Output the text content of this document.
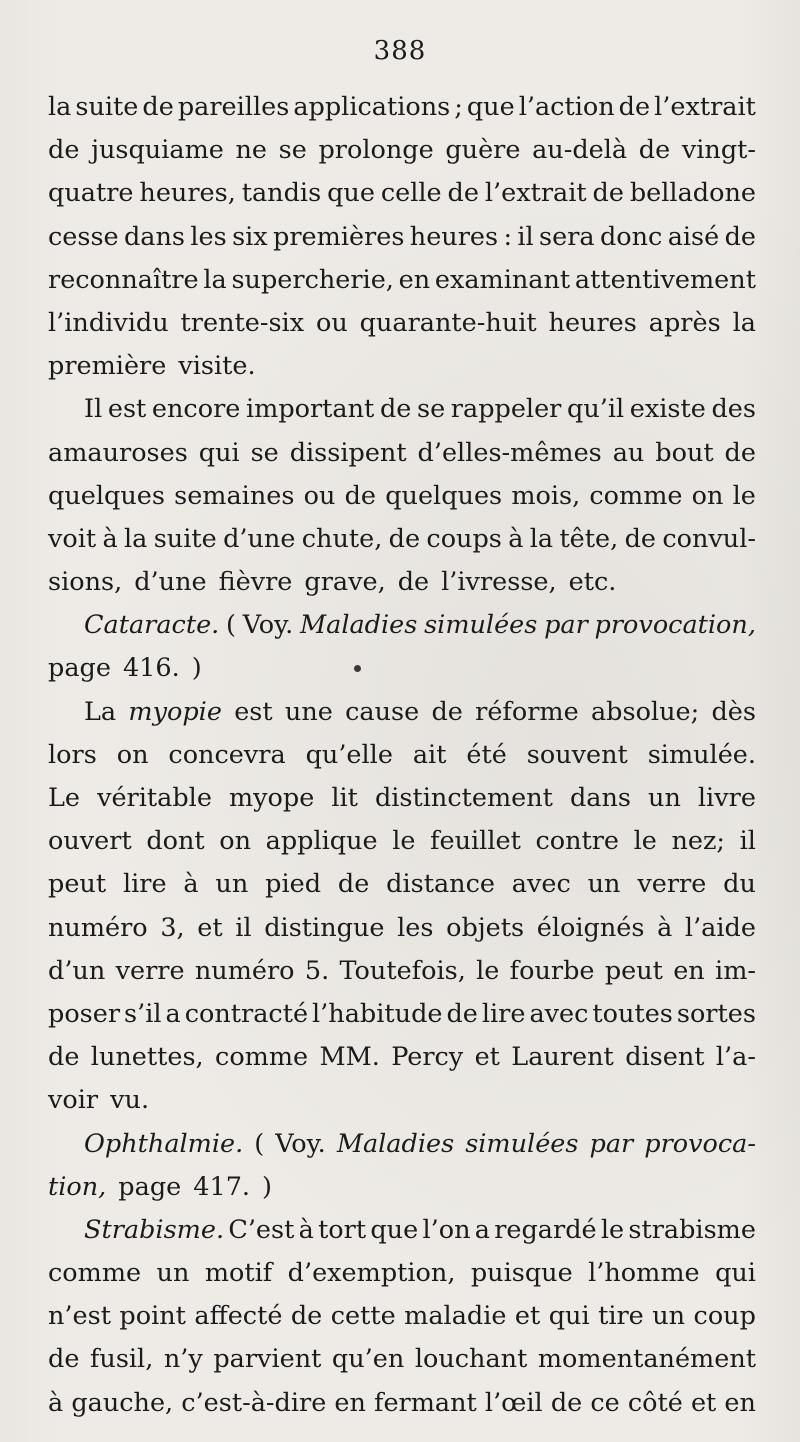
388
la suite de pareilles applications ; que l’action de l’extrait
de jusquiame ne se prolonge guère au-delà de vingt-
quatre heures, tandis que celle de l’extrait de belladone
cesse dans les six premières heures : il sera donc aisé de
reconnaître la supercherie, en examinant attentivement
l’individu trente-six ou quarante-huit heures après la
première visite.
Il est encore important de se rappeler qu’il existe des
amauroses qui se dissipent d’elles-mêmes au bout de
quelques semaines ou de quelques mois, comme on le
voit à la suite d’une chute, de coups à la tête, de convul-
sions, d’une fièvre grave, de l’ivresse, etc.
Cataracte. ( Voy. Maladies simulées par provocation,
page 416. )
La myopie est une cause de réforme absolue; dès
lors on concevra qu’elle ait été souvent simulée.
Le véritable myope lit distinctement dans un livre
ouvert dont on applique le feuillet contre le nez; il
peut lire à un pied de distance avec un verre du
numéro 3, et il distingue les objets éloignés à l’aide
d’un verre numéro 5. Toutefois, le fourbe peut en im-
poser s’il a contracté l’habitude de lire avec toutes sortes
de lunettes, comme MM. Percy et Laurent disent l’a-
voir vu.
Ophthalmie. ( Voy. Maladies simulées par provoca-
tion, page 417. )
Strabisme. C’est à tort que l’on a regardé le strabisme
comme un motif d’exemption, puisque l’homme qui
n’est point affecté de cette maladie et qui tire un coup
de fusil, n’y parvient qu’en louchant momentanément
à gauche, c’est-à-dire en fermant l’œil de ce côté et en
